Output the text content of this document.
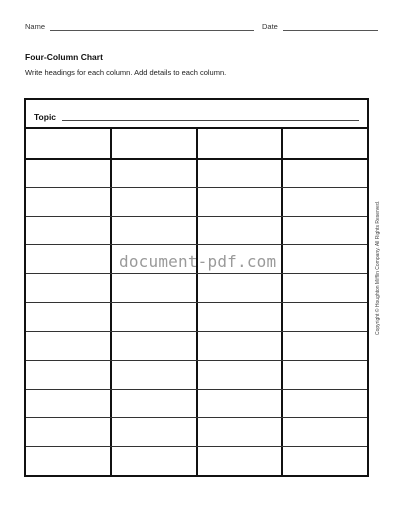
Name	Date
Four-Column Chart
Write headings for each column. Add details to each column.
Topic
document-pdf.com	Copyright © Houghton Mifflin Company. All Rights Reserved.
